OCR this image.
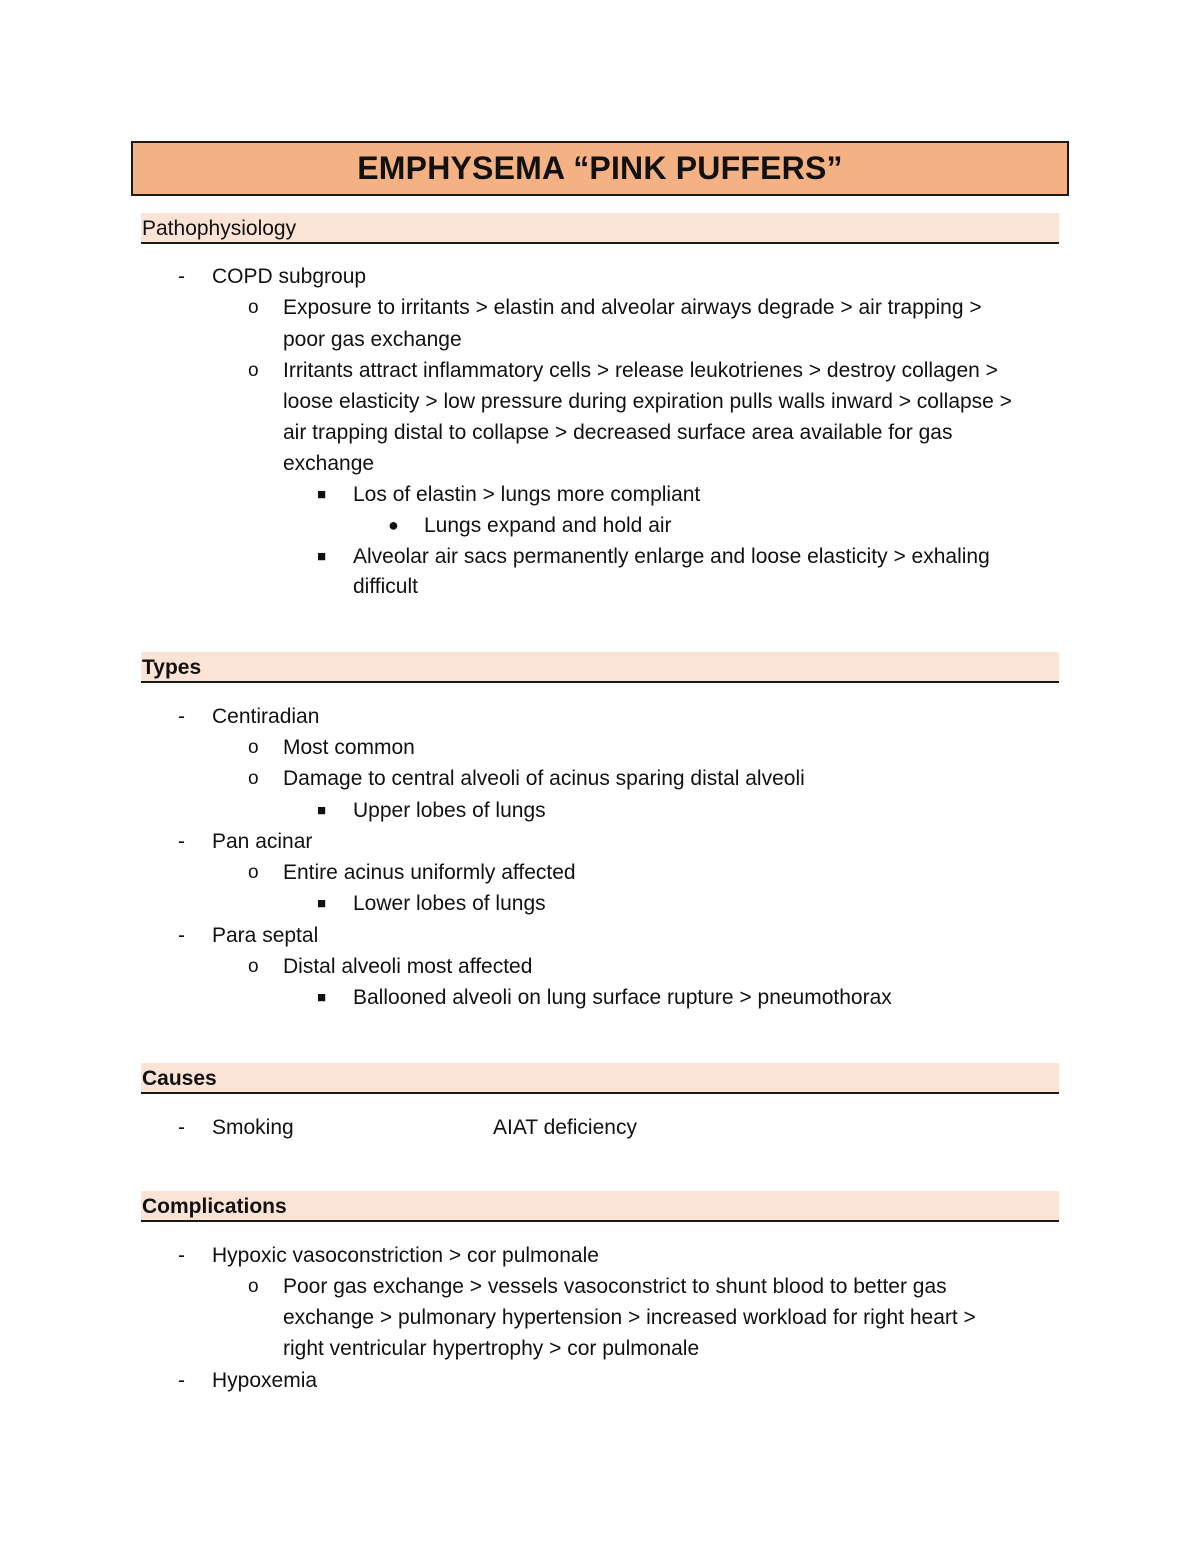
EMPHYSEMA “PINK PUFFERS”
Pathophysiology
- COPD subgroup
o Exposure to irritants > elastin and alveolar airways degrade > air trapping >
poor gas exchange
o Irritants attract inflammatory cells > release leukotrienes > destroy collagen >
loose elasticity > low pressure during expiration pulls walls inward > collapse >
air trapping distal to collapse > decreased surface area available for gas
exchange
■ Los of elastin > lungs more compliant
● Lungs expand and hold air
■ Alveolar air sacs permanently enlarge and loose elasticity > exhaling
difficult
Types
- Centiradian
o Most common
o Damage to central alveoli of acinus sparing distal alveoli
■ Upper lobes of lungs
- Pan acinar
o Entire acinus uniformly affected
■ Lower lobes of lungs
- Para septal
o Distal alveoli most affected
■ Ballooned alveoli on lung surface rupture > pneumothorax
Causes
- Smoking	AIAT deficiency
Complications
- Hypoxic vasoconstriction > cor pulmonale
o Poor gas exchange > vessels vasoconstrict to shunt blood to better gas
exchange > pulmonary hypertension > increased workload for right heart >
right ventricular hypertrophy > cor pulmonale
- Hypoxemia
